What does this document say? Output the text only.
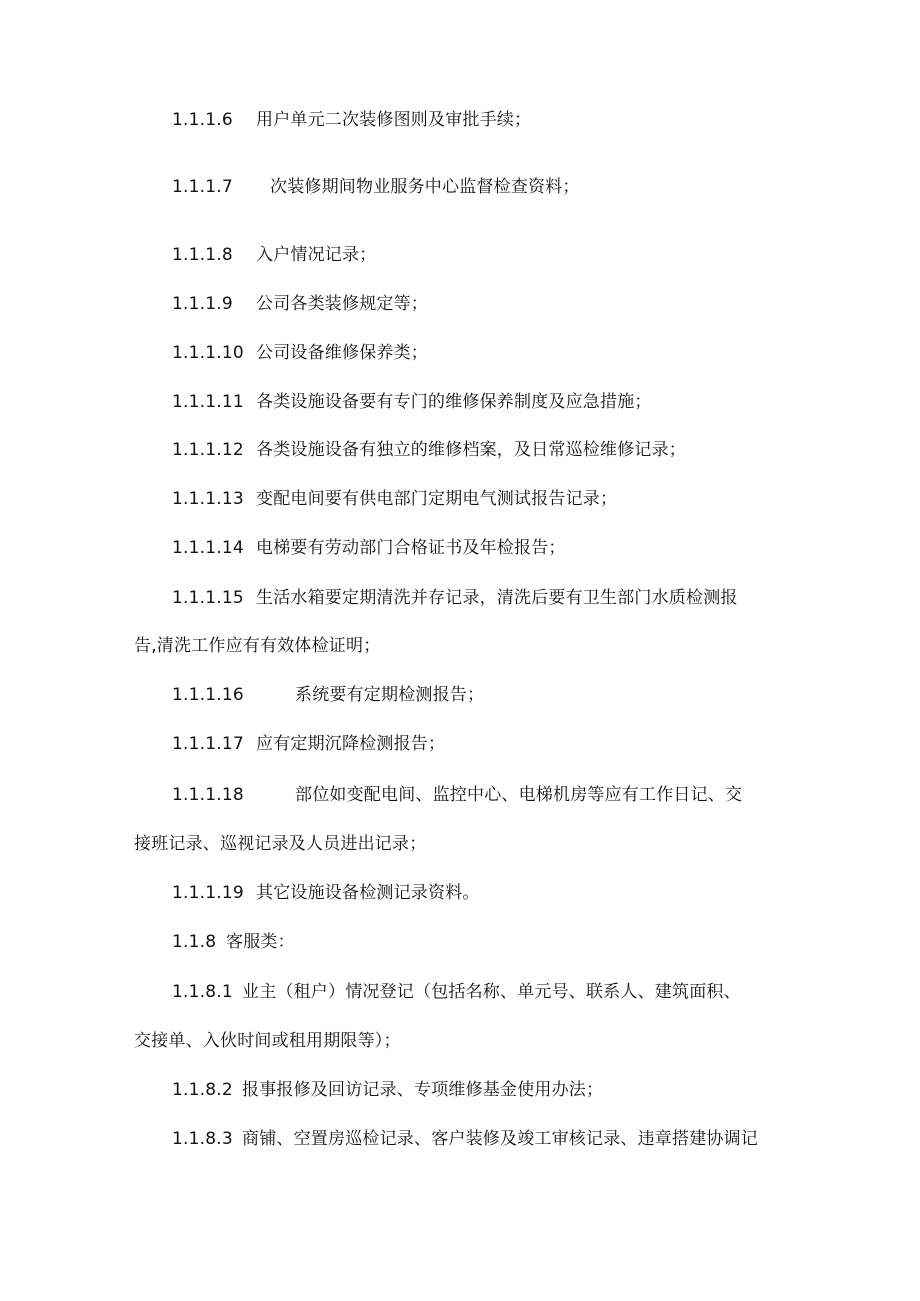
1.1.1.6 用户单元二次装修图则及审批手续；
1.1.1.7 次装修期间物业服务中心监督检查资料；
1.1.1.8 入户情况记录；
1.1.1.9 公司各类装修规定等；
1.1.1.10 公司设备维修保养类；
1.1.1.11 各类设施设备要有专门的维修保养制度及应急措施；
1.1.1.12 各类设施设备有独立的维修档案，及日常巡检维修记录；
1.1.1.13 变配电间要有供电部门定期电气测试报告记录；
1.1.1.14 电梯要有劳动部门合格证书及年检报告；
1.1.1.15 生活水箱要定期清洗并存记录，清洗后要有卫生部门水质检测报
告,清洗工作应有有效体检证明；
1.1.1.16	系统要有定期检测报告；
1.1.1.17 应有定期沉降检测报告；
1.1.1.18	部位如变配电间、监控中心、电梯机房等应有工作日记、交
接班记录、巡视记录及人员进出记录；
1.1.1.19 其它设施设备检测记录资料。
1.1.8 客服类：
1.1.8.1 业主（租户）情况登记（包括名称、单元号、联系人、建筑面积、
交接单、入伙时间或租用期限等）；
1.1.8.2 报事报修及回访记录、专项维修基金使用办法；
1.1.8.3 商铺、空置房巡检记录、客户装修及竣工审核记录、违章搭建协调记
